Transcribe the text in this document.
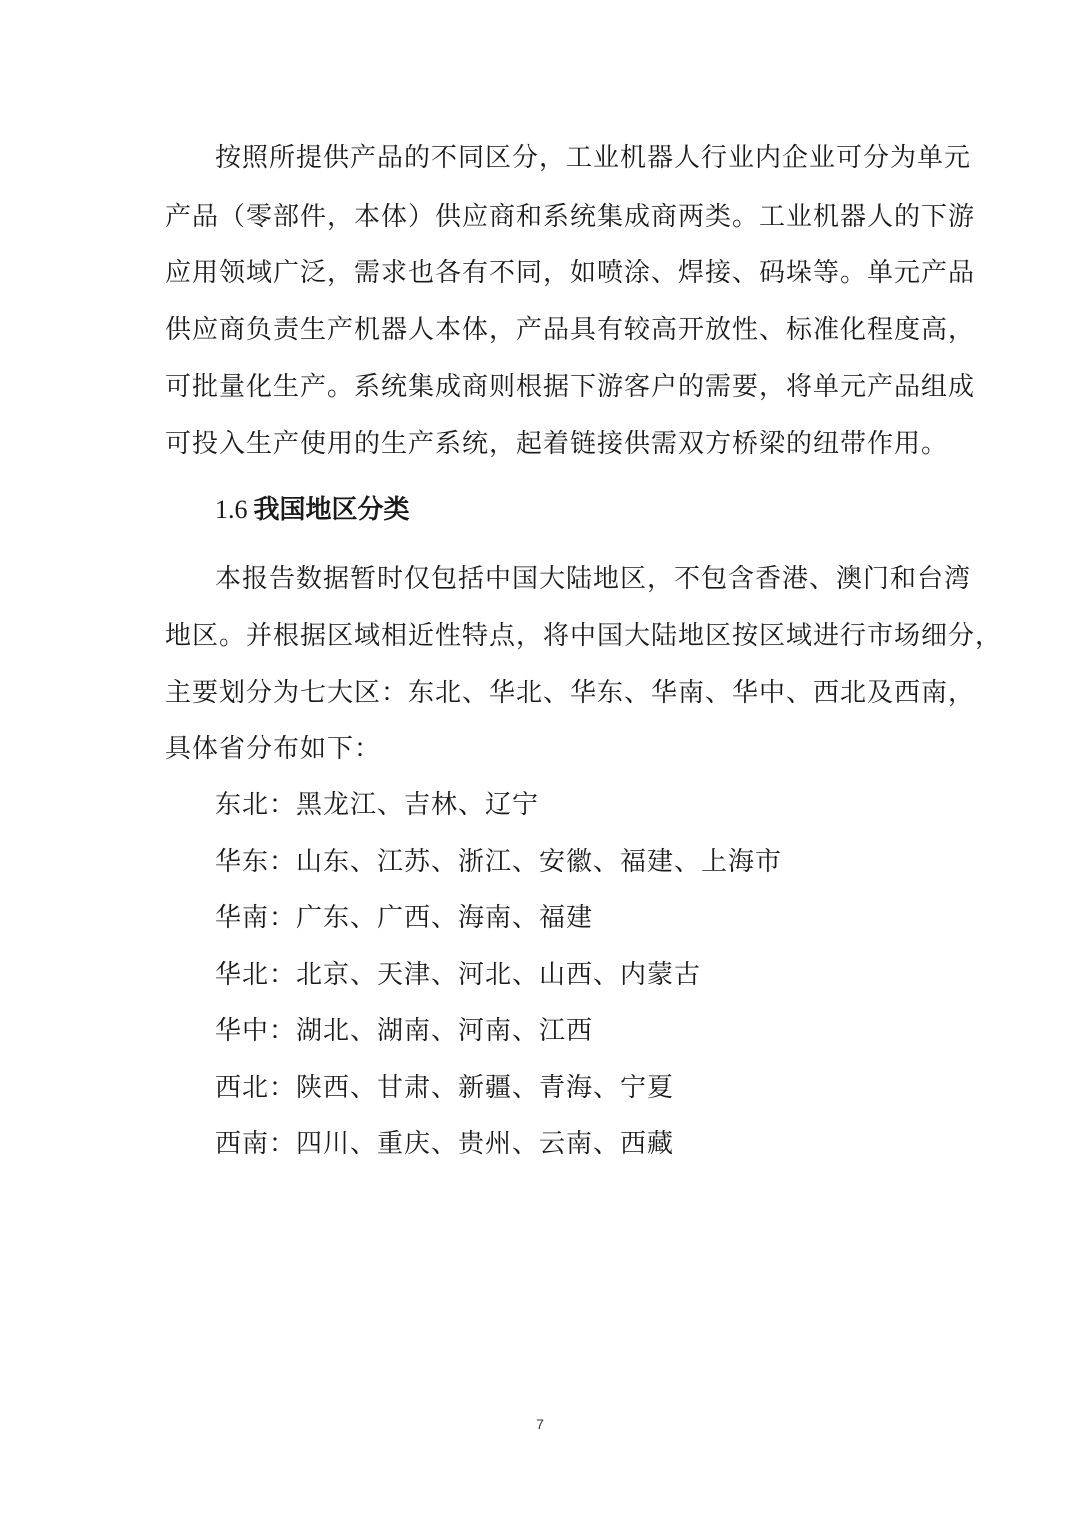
按照所提供产品的不同区分，工业机器人行业内企业可分为单元
产品（零部件，本体）供应商和系统集成商两类。工业机器人的下游
应用领域广泛，需求也各有不同，如喷涂、焊接、码垛等。单元产品
供应商负责生产机器人本体，产品具有较高开放性、标准化程度高，
可批量化生产。系统集成商则根据下游客户的需要，将单元产品组成
可投入生产使用的生产系统，起着链接供需双方桥梁的纽带作用。
1.6 我国地区分类
本报告数据暂时仅包括中国大陆地区，不包含香港、澳门和台湾
地区。并根据区域相近性特点，将中国大陆地区按区域进行市场细分，
主要划分为七大区：东北、华北、华东、华南、华中、西北及西南，
具体省分布如下：
东北：黑龙江、吉林、辽宁
华东：山东、江苏、浙江、安徽、福建、上海市
华南：广东、广西、海南、福建
华北：北京、天津、河北、山西、内蒙古
华中：湖北、湖南、河南、江西
西北：陕西、甘肃、新疆、青海、宁夏
西南：四川、重庆、贵州、云南、西藏
7
